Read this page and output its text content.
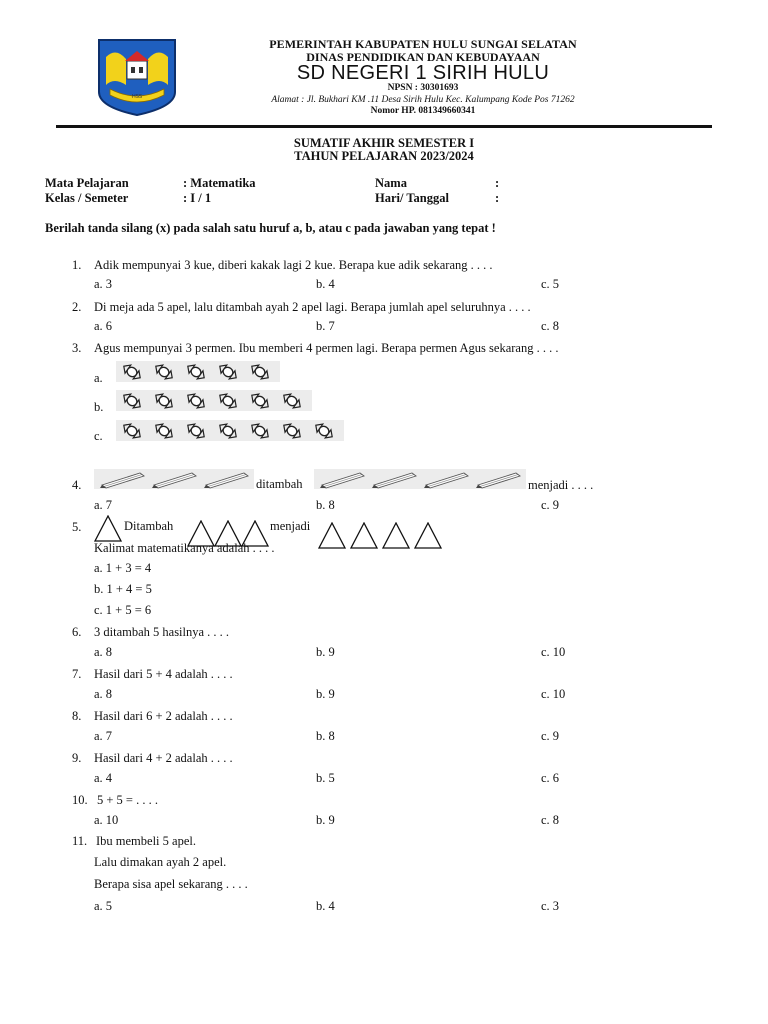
HSS
PEMERINTAH KABUPATEN HULU SUNGAI SELATAN
DINAS PENDIDIKAN DAN KEBUDAYAAN
SD NEGERI 1 SIRIH HULU
NPSN : 30301693
Alamat : Jl. Bukhari KM .11 Desa Sirih Hulu Kec. Kalumpang Kode Pos 71262
Nomor HP. 081349660341
SUMATIF AKHIR SEMESTER I
TAHUN PELAJARAN 2023/2024
Mata Pelajaran	: Matematika	Nama	:
Kelas / Semeter	: I / 1	Hari/ Tanggal	:
Berilah tanda silang (x) pada salah satu huruf a, b, atau c pada jawaban yang tepat !
1. Adik mempunyai 3 kue, diberi kakak lagi 2 kue. Berapa kue adik sekarang . . . .
a. 3	b. 4	c. 5
2. Di meja ada 5 apel, lalu ditambah ayah 2 apel lagi. Berapa jumlah apel seluruhnya . . . .
a. 6	b. 7	c. 8
3. Agus mempunyai 3 permen. Ibu memberi 4 permen lagi. Berapa permen Agus sekarang . . . .
a.
b.
c.
4.	ditambah	menjadi . . . .
a. 7	b. 8	c. 9
5.	Ditambah	menjadi
Kalimat matematikanya adalah . . . .
a. 1 + 3 = 4
b. 1 + 4 = 5
c. 1 + 5 = 6
6. 3 ditambah 5 hasilnya . . . .
a. 8	b. 9	c. 10
7. Hasil dari 5 + 4 adalah . . . .
a. 8	b. 9	c. 10
8. Hasil dari 6 + 2 adalah . . . .
a. 7	b. 8	c. 9
9. Hasil dari 4 + 2 adalah . . . .
a. 4	b. 5	c. 6
10. 5 + 5 = . . . .
a. 10	b. 9	c. 8
11. Ibu membeli 5 apel.
Lalu dimakan ayah 2 apel.
Berapa sisa apel sekarang . . . .
a. 5	b. 4	c. 3
